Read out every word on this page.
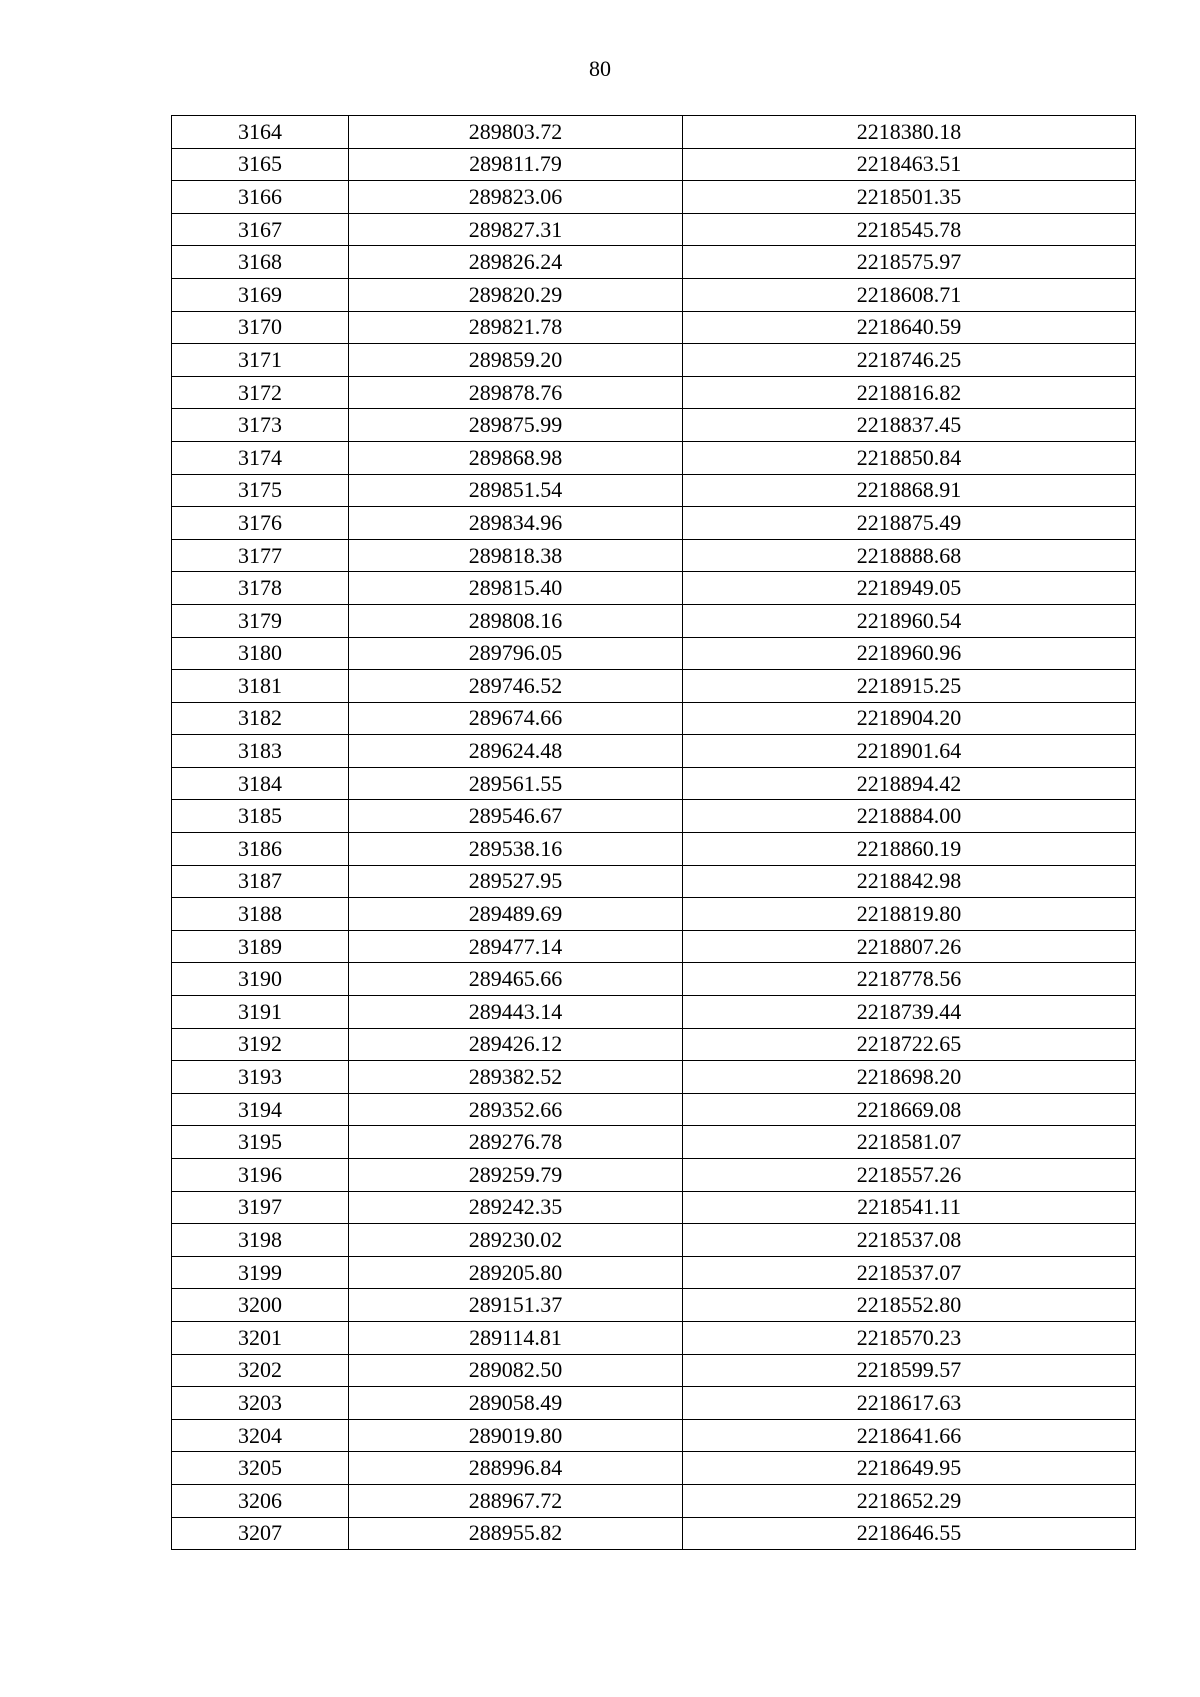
80
3164	289803.72	2218380.18
3165	289811.79	2218463.51
3166	289823.06	2218501.35
3167	289827.31	2218545.78
3168	289826.24	2218575.97
3169	289820.29	2218608.71
3170	289821.78	2218640.59
3171	289859.20	2218746.25
3172	289878.76	2218816.82
3173	289875.99	2218837.45
3174	289868.98	2218850.84
3175	289851.54	2218868.91
3176	289834.96	2218875.49
3177	289818.38	2218888.68
3178	289815.40	2218949.05
3179	289808.16	2218960.54
3180	289796.05	2218960.96
3181	289746.52	2218915.25
3182	289674.66	2218904.20
3183	289624.48	2218901.64
3184	289561.55	2218894.42
3185	289546.67	2218884.00
3186	289538.16	2218860.19
3187	289527.95	2218842.98
3188	289489.69	2218819.80
3189	289477.14	2218807.26
3190	289465.66	2218778.56
3191	289443.14	2218739.44
3192	289426.12	2218722.65
3193	289382.52	2218698.20
3194	289352.66	2218669.08
3195	289276.78	2218581.07
3196	289259.79	2218557.26
3197	289242.35	2218541.11
3198	289230.02	2218537.08
3199	289205.80	2218537.07
3200	289151.37	2218552.80
3201	289114.81	2218570.23
3202	289082.50	2218599.57
3203	289058.49	2218617.63
3204	289019.80	2218641.66
3205	288996.84	2218649.95
3206	288967.72	2218652.29
3207	288955.82	2218646.55
